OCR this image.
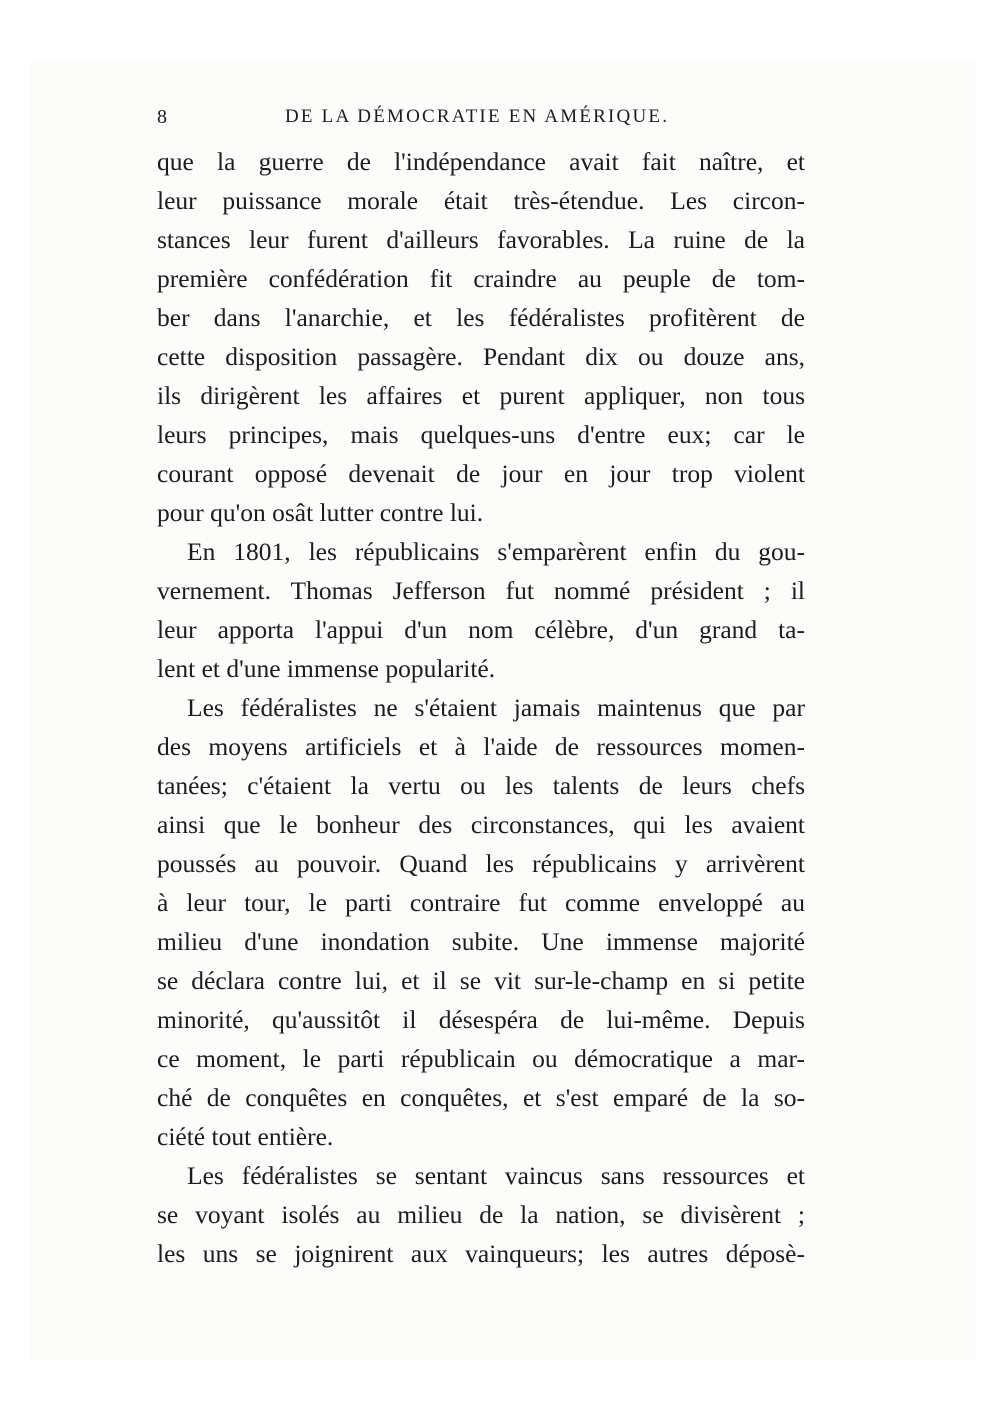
8	DE LA DÉMOCRATIE EN AMÉRIQUE.
que la guerre de l'indépendance avait fait naître, et
leur puissance morale était très-étendue. Les circon-
stances leur furent d'ailleurs favorables. La ruine de la
première confédération fit craindre au peuple de tom-
ber dans l'anarchie, et les fédéralistes profitèrent de
cette disposition passagère. Pendant dix ou douze ans,
ils dirigèrent les affaires et purent appliquer, non tous
leurs principes, mais quelques-uns d'entre eux; car le
courant opposé devenait de jour en jour trop violent
pour qu'on osât lutter contre lui.
En 1801, les républicains s'emparèrent enfin du gou-
vernement. Thomas Jefferson fut nommé président ; il
leur apporta l'appui d'un nom célèbre, d'un grand ta-
lent et d'une immense popularité.
Les fédéralistes ne s'étaient jamais maintenus que par
des moyens artificiels et à l'aide de ressources momen-
tanées; c'étaient la vertu ou les talents de leurs chefs
ainsi que le bonheur des circonstances, qui les avaient
poussés au pouvoir. Quand les républicains y arrivèrent
à leur tour, le parti contraire fut comme enveloppé au
milieu d'une inondation subite. Une immense majorité
se déclara contre lui, et il se vit sur-le-champ en si petite
minorité, qu'aussitôt il désespéra de lui-même. Depuis
ce moment, le parti républicain ou démocratique a mar-
ché de conquêtes en conquêtes, et s'est emparé de la so-
ciété tout entière.
Les fédéralistes se sentant vaincus sans ressources et
se voyant isolés au milieu de la nation, se divisèrent ;
les uns se joignirent aux vainqueurs; les autres déposè-
